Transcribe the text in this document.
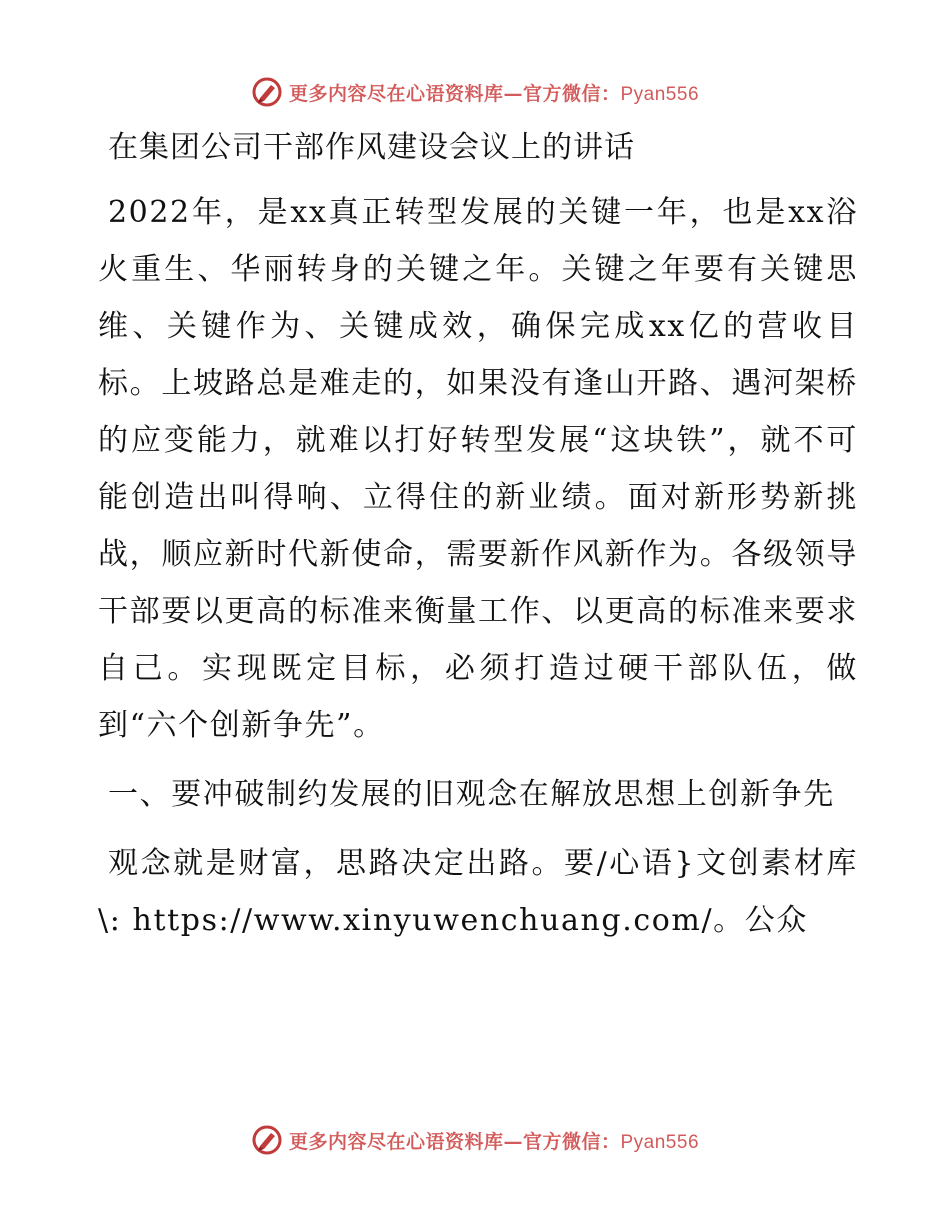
更多内容尽在心语资料库—官方微信：Pyan556
在集团公司干部作风建设会议上的讲话

2022年，是xx真正转型发展的关键一年，也是xx浴火重生、华丽转身的关键之年。关键之年要有关键思维、关键作为、关键成效，确保完成xx亿的营收目标。上坡路总是难走的，如果没有逢山开路、遇河架桥的应变能力，就难以打好转型发展“这块铁”，就不可能创造出叫得响、立得住的新业绩。面对新形势新挑战，顺应新时代新使命，需要新作风新作为。各级领导干部要以更高的标准来衡量工作、以更高的标准来要求自己。实现既定目标，必须打造过硬干部队伍，做到“六个创新争先”。

一、要冲破制约发展的旧观念在解放思想上创新争先

观念就是财富，思路决定出路。要/心语}文创素材库\: https://www.xinyuwenchuang.com/。公众

更多内容尽在心语资料库—官方微信：Pyan556
